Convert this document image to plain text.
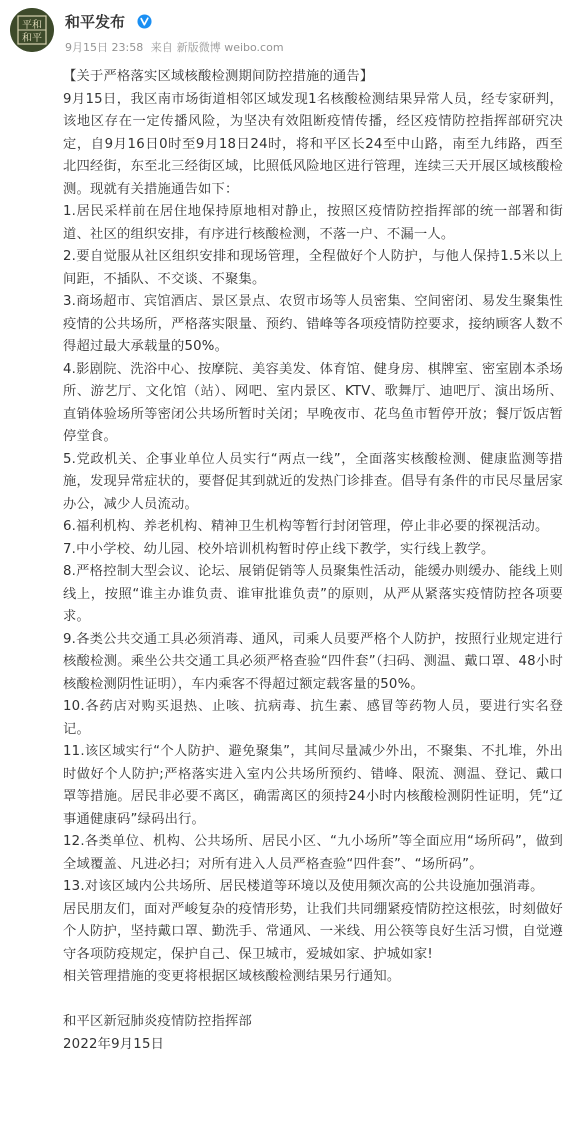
平和
和平
和平发布
9月15日 23:58 来自 新版微博 weibo.com

【关于严格落实区域核酸检测期间防控措施的通告】

9月15日，我区南市场街道相邻区域发现1名核酸检测结果异常人员，经专家研判，该地区存在一定传播风险，为坚决有效阻断疫情传播，经区疫情防控指挥部研究决定，自9月16日0时至9月18日24时，将和平区长24至中山路，南至九纬路，西至北四经街，东至北三经街区域，比照低风险地区进行管理，连续三天开展区域核酸检测。现就有关措施通告如下：

1.居民采样前在居住地保持原地相对静止，按照区疫情防控指挥部的统一部署和街道、社区的组织安排，有序进行核酸检测，不落一户、不漏一人。

2.要自觉服从社区组织安排和现场管理，全程做好个人防护，与他人保持1.5米以上间距，不插队、不交谈、不聚集。

3.商场超市、宾馆酒店、景区景点、农贸市场等人员密集、空间密闭、易发生聚集性疫情的公共场所，严格落实限量、预约、错峰等各项疫情防控要求，接纳顾客人数不得超过最大承载量的50%。

4.影剧院、洗浴中心、按摩院、美容美发、体育馆、健身房、棋牌室、密室剧本杀场所、游艺厅、文化馆（站）、网吧、室内景区、KTV、歌舞厅、迪吧厅、演出场所、直销体验场所等密闭公共场所暂时关闭；早晚夜市、花鸟鱼市暂停开放；餐厅饭店暂停堂食。

5.党政机关、企事业单位人员实行“两点一线”，全面落实核酸检测、健康监测等措施，发现异常症状的，要督促其到就近的发热门诊排查。倡导有条件的市民尽量居家办公，减少人员流动。

6.福利机构、养老机构、精神卫生机构等暂行封闭管理，停止非必要的探视活动。

7.中小学校、幼儿园、校外培训机构暂时停止线下教学，实行线上教学。

8.严格控制大型会议、论坛、展销促销等人员聚集性活动，能缓办则缓办、能线上则线上，按照“谁主办谁负责、谁审批谁负责”的原则，从严从紧落实疫情防控各项要求。

9.各类公共交通工具必须消毒、通风，司乘人员要严格个人防护，按照行业规定进行核酸检测。乘坐公共交通工具必须严格查验“四件套”（扫码、测温、戴口罩、48小时核酸检测阴性证明），车内乘客不得超过额定载客量的50%。

10.各药店对购买退热、止咳、抗病毒、抗生素、感冒等药物人员，要进行实名登记。

11.该区域实行“个人防护、避免聚集”，其间尽量减少外出，不聚集、不扎堆，外出时做好个人防护;严格落实进入室内公共场所预约、错峰、限流、测温、登记、戴口罩等措施。居民非必要不离区，确需离区的须持24小时内核酸检测阴性证明，凭“辽事通健康码”绿码出行。

12.各类单位、机构、公共场所、居民小区、“九小场所”等全面应用“场所码”，做到全域覆盖、凡进必扫；对所有进入人员严格查验“四件套”、“场所码”。

13.对该区域内公共场所、居民楼道等环境以及使用频次高的公共设施加强消毒。

居民朋友们，面对严峻复杂的疫情形势，让我们共同绷紧疫情防控这根弦，时刻做好个人防护，坚持戴口罩、勤洗手、常通风、一米线、用公筷等良好生活习惯，自觉遵守各项防疫规定，保护自己、保卫城市，爱城如家、护城如家!

相关管理措施的变更将根据区域核酸检测结果另行通知。

和平区新冠肺炎疫情防控指挥部

2022年9月15日
